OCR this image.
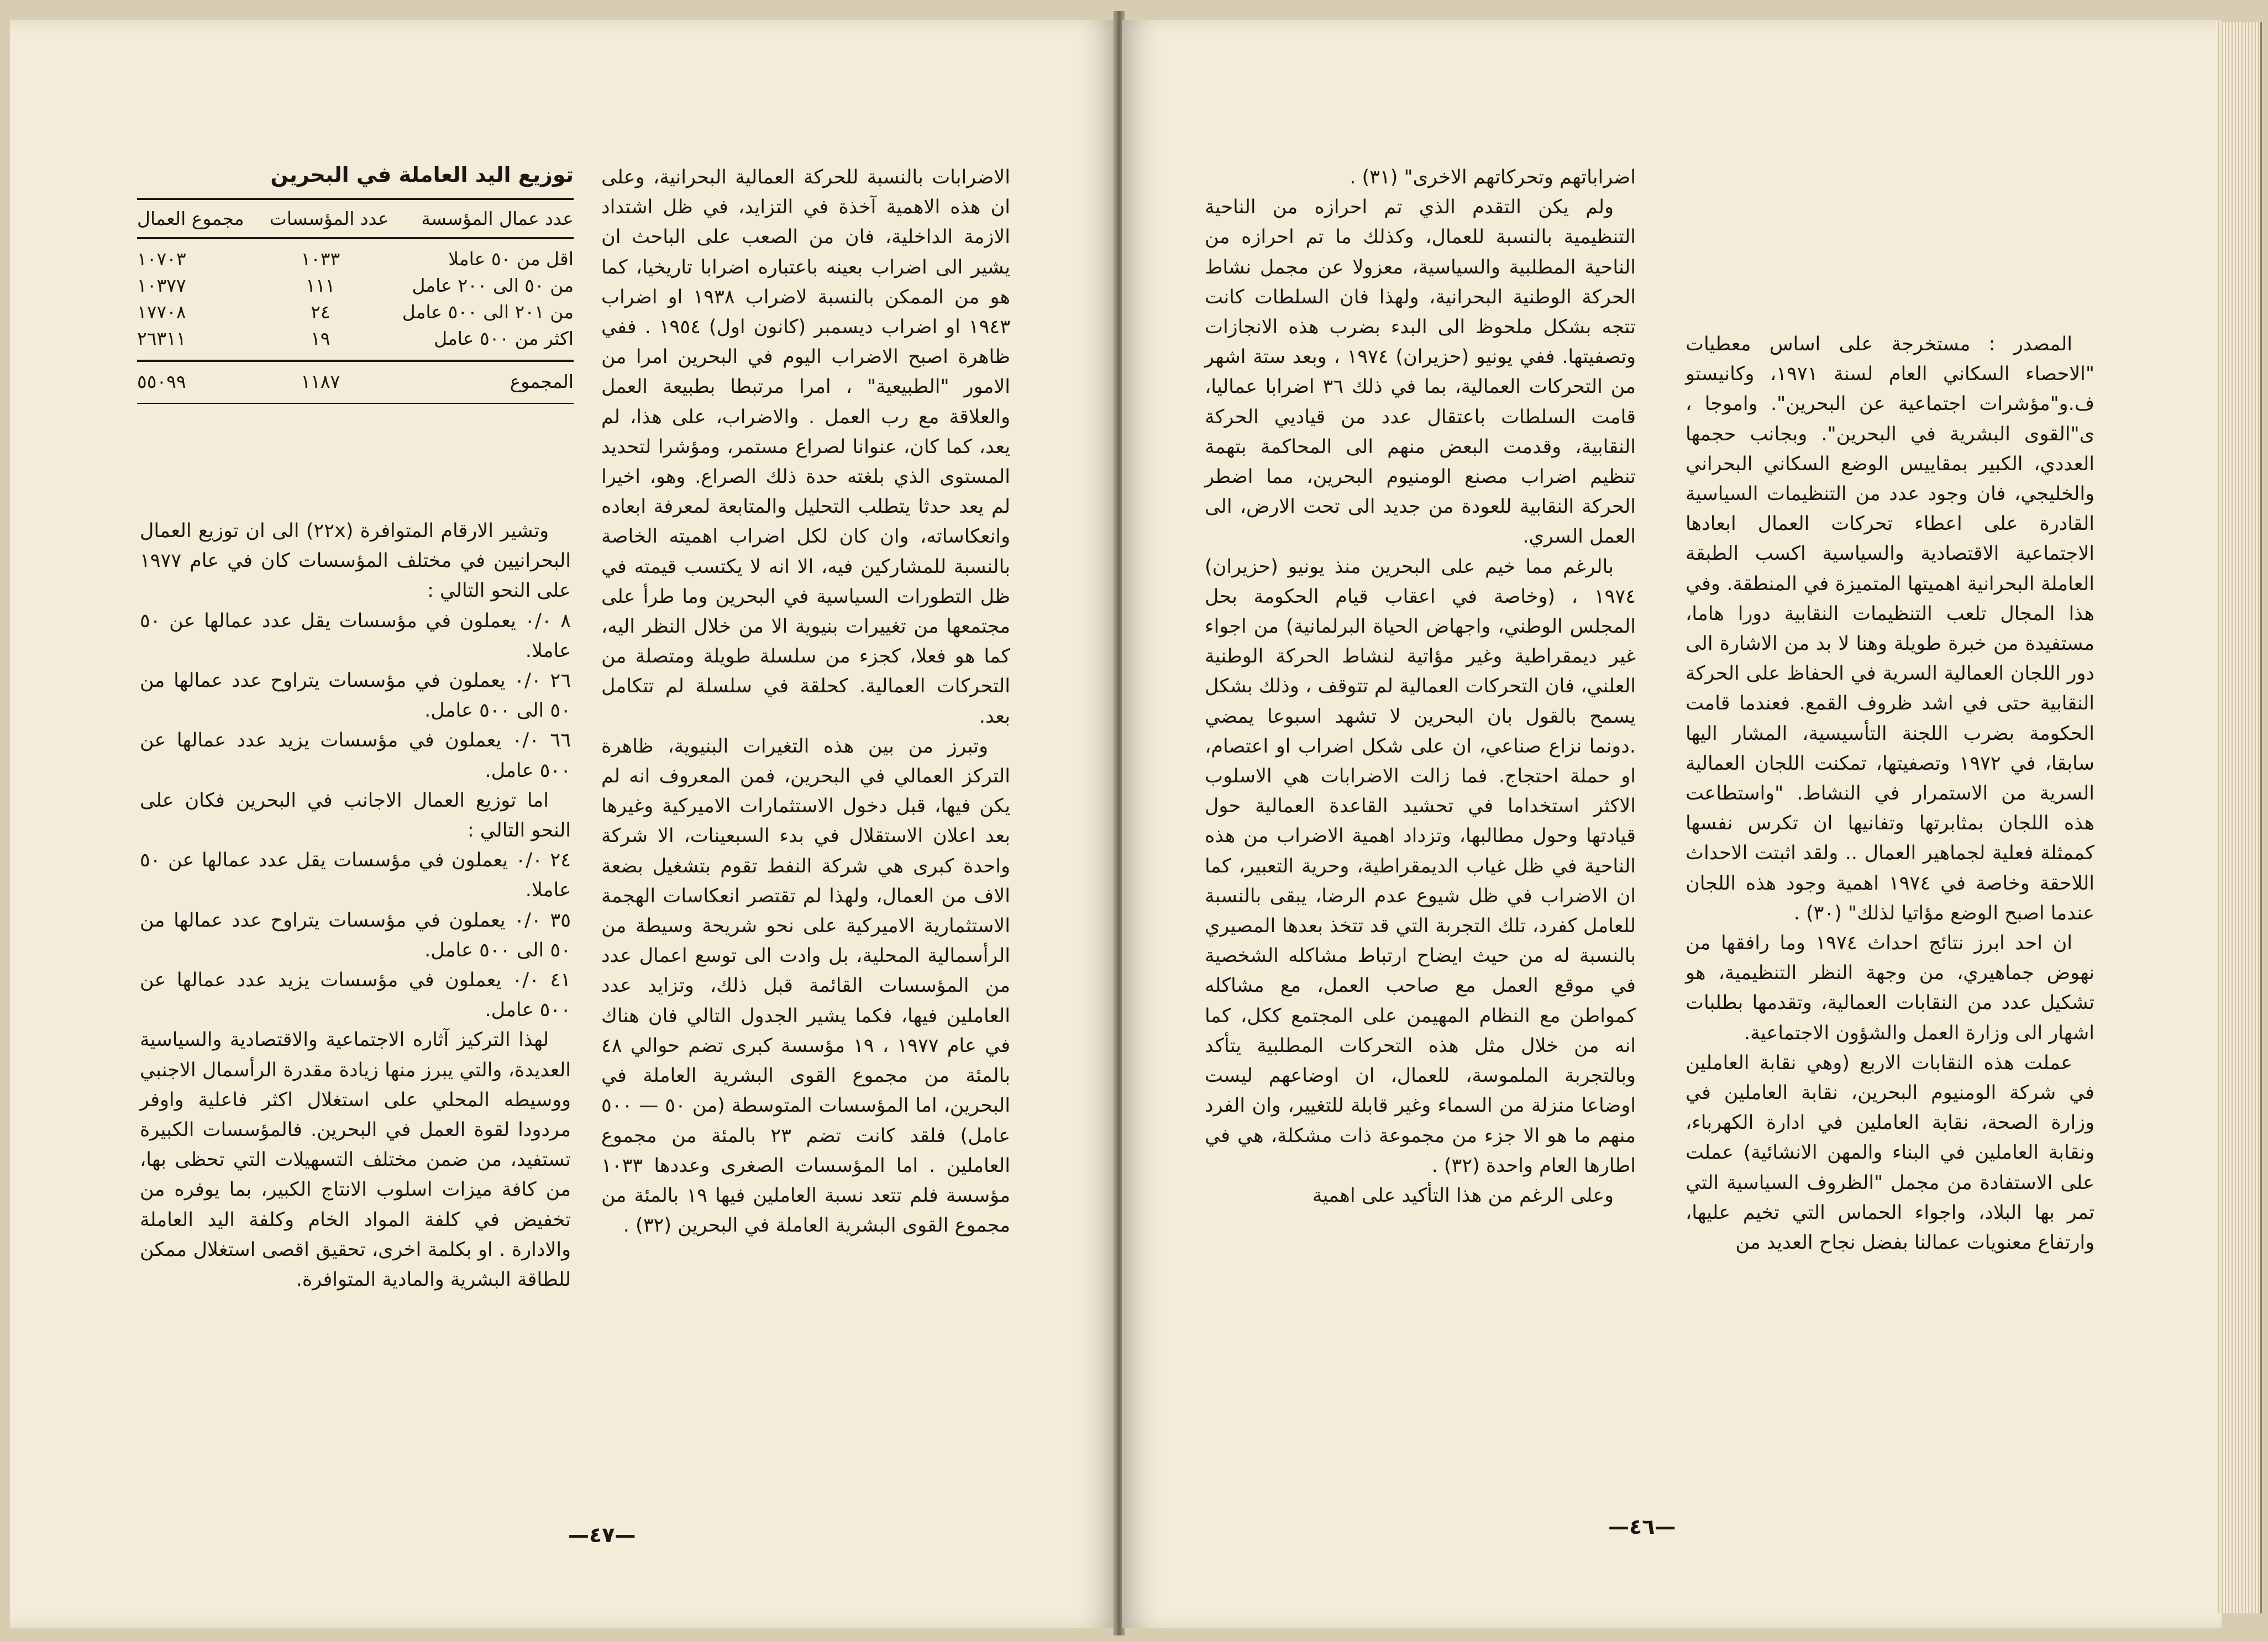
توزيع اليد العاملة في البحرين
عدد عمال المؤسسة	عدد المؤسسات	مجموع العمال
اقل من ٥٠ عاملا	١٠٣٣	١٠٧٠٣
من ٥٠ الى ٢٠٠ عامل	١١١	١٠٣٧٧
من ٢٠١ الى ٥٠٠ عامل	٢٤	١٧٧٠٨
اكثر من ٥٠٠ عامل	١٩	٢٦٣١١
المجموع	١١٨٧	٥٥٠٩٩

الاضرابات بالنسبة للحركة العمالية البحرانية، وعلى ان هذه الاهمية آخذة في التزايد، في ظل اشتداد الازمة الداخلية، فان من الصعب على الباحث ان يشير الى اضراب بعينه باعتباره اضرابا تاريخيا، كما هو من الممكن بالنسبة لاضراب ١٩٣٨ او اضراب ١٩٤٣ او اضراب ديسمبر (كانون اول) ١٩٥٤ . ففي ظاهرة اصبح الاضراب اليوم في البحرين امرا من الامور "الطبيعية" ، امرا مرتبطا بطبيعة العمل والعلاقة مع رب العمل . والاضراب، على هذا، لم يعد، كما كان، عنوانا لصراع مستمر، ومؤشرا لتحديد المستوى الذي بلغته حدة ذلك الصراع. وهو، اخيرا لم يعد حدثا يتطلب التحليل والمتابعة لمعرفة ابعاده وانعكاساته، وان كان لكل اضراب اهميته الخاصة بالنسبة للمشاركين فيه، الا انه لا يكتسب قيمته في ظل التطورات السياسية في البحرين وما طرأ على مجتمعها من تغييرات بنيوية الا من خلال النظر اليه، كما هو فعلا، كجزء من سلسلة طويلة ومتصلة من التحركات العمالية. كحلقة في سلسلة لم تتكامل بعد.

وتبرز من بين هذه التغيرات البنيوية، ظاهرة التركز العمالي في البحرين، فمن المعروف انه لم يكن فيها، قبل دخول الاستثمارات الاميركية وغيرها بعد اعلان الاستقلال في بدء السبعينات، الا شركة واحدة كبرى هي شركة النفط تقوم بتشغيل بضعة الاف من العمال، ولهذا لم تقتصر انعكاسات الهجمة الاستثمارية الاميركية على نحو شريحة وسيطة من الرأسمالية المحلية، بل وادت الى توسع اعمال عدد من المؤسسات القائمة قبل ذلك، وتزايد عدد العاملين فيها، فكما يشير الجدول التالي فان هناك في عام ١٩٧٧ ، ١٩ مؤسسة كبرى تضم حوالي ٤٨ بالمئة من مجموع القوى البشرية العاملة في البحرين، اما المؤسسات المتوسطة (من ٥٠ — ٥٠٠ عامل) فلقد كانت تضم ٢٣ بالمئة من مجموع العاملين . اما المؤسسات الصغرى وعددها ١٠٣٣ مؤسسة فلم تتعد نسبة العاملين فيها ١٩ بالمئة من مجموع القوى البشرية العاملة في البحرين (٣٢) .

وتشير الارقام المتوافرة (٢٢x) الى ان توزيع العمال البحرانيين في مختلف المؤسسات كان في عام ١٩٧٧ على النحو التالي :

٨ ٠/٠ يعملون في مؤسسات يقل عدد عمالها عن ٥٠ عاملا.

٢٦ ٠/٠ يعملون في مؤسسات يتراوح عدد عمالها من ٥٠ الى ٥٠٠ عامل.

٦٦ ٠/٠ يعملون في مؤسسات يزيد عدد عمالها عن ٥٠٠ عامل.

اما توزيع العمال الاجانب في البحرين فكان على النحو التالي :

٢٤ ٠/٠ يعملون في مؤسسات يقل عدد عمالها عن ٥٠ عاملا.

٣٥ ٠/٠ يعملون في مؤسسات يتراوح عدد عمالها من ٥٠ الى ٥٠٠ عامل.

٤١ ٠/٠ يعملون في مؤسسات يزيد عدد عمالها عن ٥٠٠ عامل.

لهذا التركيز آثاره الاجتماعية والاقتصادية والسياسية العديدة، والتي يبرز منها زيادة مقدرة الرأسمال الاجنبي ووسيطه المحلي على استغلال اكثر فاعلية واوفر مردودا لقوة العمل في البحرين. فالمؤسسات الكبيرة تستفيد، من ضمن مختلف التسهيلات التي تحظى بها، من كافة ميزات اسلوب الانتاج الكبير، بما يوفره من تخفيض في كلفة المواد الخام وكلفة اليد العاملة والادارة . او بكلمة اخرى، تحقيق اقصى استغلال ممكن للطاقة البشرية والمادية المتوافرة.

—٤٧—

اضراباتهم وتحركاتهم الاخرى" (٣١) .

ولم يكن التقدم الذي تم احرازه من الناحية التنظيمية بالنسبة للعمال، وكذلك ما تم احرازه من الناحية المطلبية والسياسية، معزولا عن مجمل نشاط الحركة الوطنية البحرانية، ولهذا فان السلطات كانت تتجه بشكل ملحوظ الى البدء بضرب هذه الانجازات وتصفيتها. ففي يونيو (حزيران) ١٩٧٤ ، وبعد ستة اشهر من التحركات العمالية، بما في ذلك ٣٦ اضرابا عماليا، قامت السلطات باعتقال عدد من قياديي الحركة النقابية، وقدمت البعض منهم الى المحاكمة بتهمة تنظيم اضراب مصنع الومنيوم البحرين، مما اضطر الحركة النقابية للعودة من جديد الى تحت الارض، الى العمل السري.

بالرغم مما خيم على البحرين منذ يونيو (حزيران) ١٩٧٤ ، (وخاصة في اعقاب قيام الحكومة بحل المجلس الوطني، واجهاض الحياة البرلمانية) من اجواء غير ديمقراطية وغير مؤاتية لنشاط الحركة الوطنية العلني، فان التحركات العمالية لم تتوقف ، وذلك بشكل يسمح بالقول بان البحرين لا تشهد اسبوعا يمضي .دونما نزاع صناعي، ان على شكل اضراب او اعتصام، او حملة احتجاج. فما زالت الاضرابات هي الاسلوب الاكثر استخداما في تحشيد القاعدة العمالية حول قيادتها وحول مطالبها، وتزداد اهمية الاضراب من هذه الناحية في ظل غياب الديمقراطية، وحرية التعبير، كما ان الاضراب في ظل شيوع عدم الرضا، يبقى بالنسبة للعامل كفرد، تلك التجربة التي قد تتخذ بعدها المصيري بالنسبة له من حيث ايضاح ارتباط مشاكله الشخصية في موقع العمل مع صاحب العمل، مع مشاكله كمواطن مع النظام المهيمن على المجتمع ككل، كما انه من خلال مثل هذه التحركات المطلبية يتأكد وبالتجربة الملموسة، للعمال، ان اوضاعهم ليست اوضاعا منزلة من السماء وغير قابلة للتغيير، وان الفرد منهم ما هو الا جزء من مجموعة ذات مشكلة، هي في اطارها العام واحدة (٣٢) .

وعلى الرغم من هذا التأكيد على اهمية

المصدر : مستخرجة على اساس معطيات "الاحصاء السكاني العام لسنة ١٩٧١، وكانيستو ف.و"مؤشرات اجتماعية عن البحرين". واموجا ، ى"القوى البشرية في البحرين". وبجانب حجمها العددي، الكبير بمقاييس الوضع السكاني البحراني والخليجي، فان وجود عدد من التنظيمات السياسية القادرة على اعطاء تحركات العمال ابعادها الاجتماعية الاقتصادية والسياسية اكسب الطبقة العاملة البحرانية اهميتها المتميزة في المنطقة. وفي هذا المجال تلعب التنظيمات النقابية دورا هاما، مستفيدة من خبرة طويلة وهنا لا بد من الاشارة الى دور اللجان العمالية السرية في الحفاظ على الحركة النقابية حتى في اشد ظروف القمع. فعندما قامت الحكومة بضرب اللجنة التأسيسية، المشار اليها سابقا، في ١٩٧٢ وتصفيتها، تمكنت اللجان العمالية السرية من الاستمرار في النشاط. "واستطاعت هذه اللجان بمثابرتها وتفانيها ان تكرس نفسها كممثلة فعلية لجماهير العمال .. ولقد اثبتت الاحداث اللاحقة وخاصة في ١٩٧٤ اهمية وجود هذه اللجان عندما اصبح الوضع مؤاتيا لذلك" (٣٠) .

ان احد ابرز نتائج احداث ١٩٧٤ وما رافقها من نهوض جماهيري، من وجهة النظر التنظيمية، هو تشكيل عدد من النقابات العمالية، وتقدمها بطلبات اشهار الى وزارة العمل والشؤون الاجتماعية.

عملت هذه النقابات الاربع (وهي نقابة العاملين في شركة الومنيوم البحرين، نقابة العاملين في وزارة الصحة، نقابة العاملين في ادارة الكهرباء، ونقابة العاملين في البناء والمهن الانشائية) عملت على الاستفادة من مجمل "الظروف السياسية التي تمر بها البلاد، واجواء الحماس التي تخيم عليها، وارتفاع معنويات عمالنا بفضل نجاح العديد من

—٤٦—
